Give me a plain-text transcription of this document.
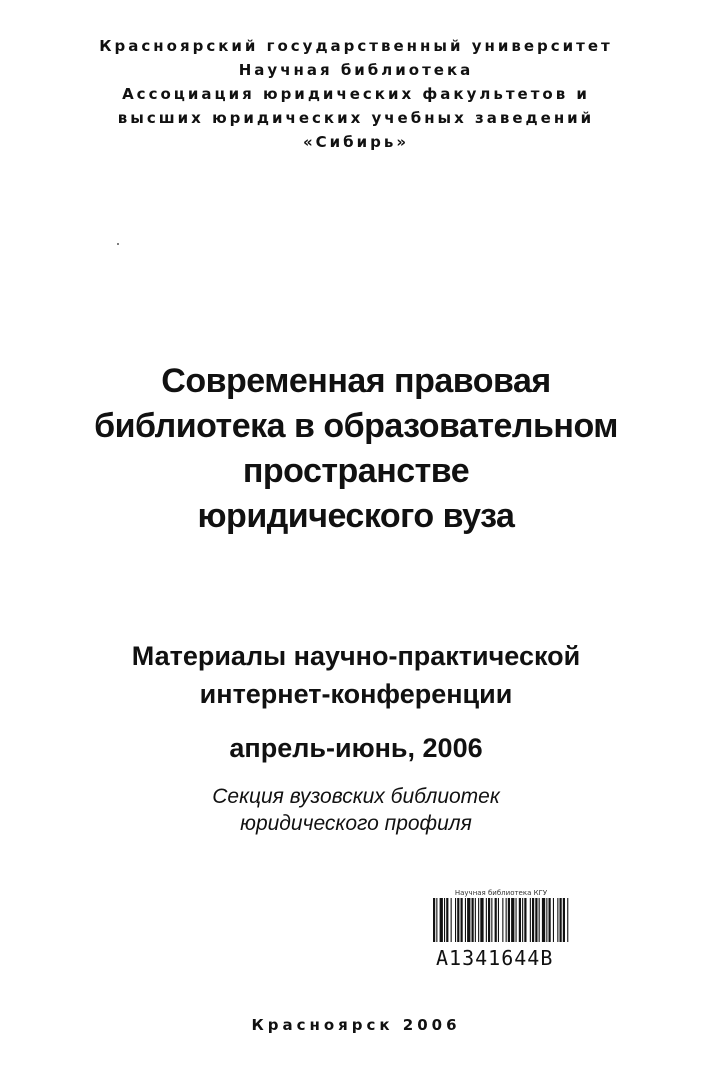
Красноярский государственный университет
Научная библиотека
Ассоциация юридических факультетов и
высших юридических учебных заведений
«Сибирь»
Современная правовая
библиотека в образовательном
пространстве
юридического вуза
Материалы научно-практической
интернет-конференции
апрель-июнь, 2006
Секция вузовских библиотек
юридического профиля
Научная библиотека КГУ
A1341644B
Красноярск 2006
